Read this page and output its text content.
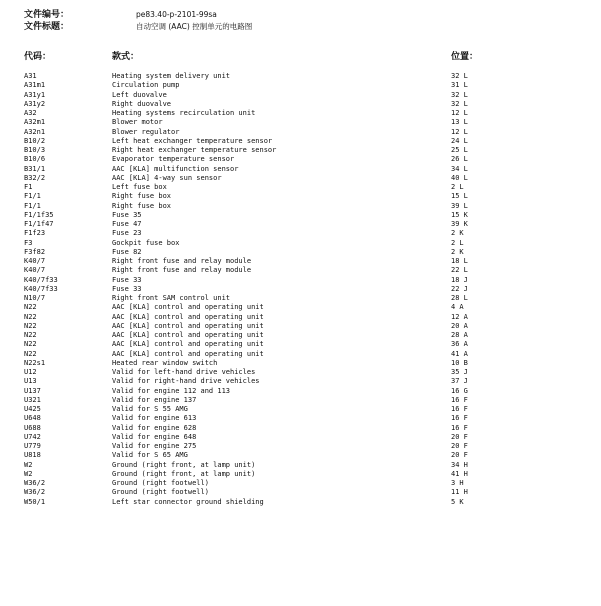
文件编号：	pe83.40-p-2101-99sa
文件标题：	自动空调 (AAC) 控制单元的电路图
代码：	款式：	位置：
A31	Heating system delivery unit	32 L
A31m1	Circulation pump	31 L
A31y1	Left duovalve	32 L
A31y2	Right duovalve	32 L
A32	Heating systems recirculation unit	12 L
A32m1	Blower motor	13 L
A32n1	Blower regulator	12 L
B10/2	Left heat exchanger temperature sensor	24 L
B10/3	Right heat exchanger temperature sensor	25 L
B10/6	Evaporator temperature sensor	26 L
B31/1	AAC [KLA] multifunction sensor	34 L
B32/2	AAC [KLA] 4-way sun sensor	40 L
F1	Left fuse box	2 L
F1/1	Right fuse box	15 L
F1/1	Right fuse box	39 L
F1/1f35	Fuse 35	15 K
F1/1f47	Fuse 47	39 K
F1f23	Fuse 23	2 K
F3	Gockpit fuse box	2 L
F3f82	Fuse 82	2 K
K40/7	Right front fuse and relay module	18 L
K40/7	Right front fuse and relay module	22 L
K40/7f33	Fuse 33	18 J
K40/7f33	Fuse 33	22 J
N10/7	Right front SAM control unit	28 L
N22	AAC [KLA] control and operating unit	4 A
N22	AAC [KLA] control and operating unit	12 A
N22	AAC [KLA] control and operating unit	20 A
N22	AAC [KLA] control and operating unit	28 A
N22	AAC [KLA] control and operating unit	36 A
N22	AAC [KLA] control and operating unit	41 A
N22s1	Heated rear window switch	10 B
U12	Valid for left-hand drive vehicles	35 J
U13	Valid for right-hand drive vehicles	37 J
U137	Valid for engine 112 and 113	16 G
U321	Valid for engine 137	16 F
U425	Valid for S 55 AMG	16 F
U648	Valid for engine 613	16 F
U688	Valid for engine 628	16 F
U742	Valid for engine 648	20 F
U779	Valid for engine 275	20 F
U818	Valid for S 65 AMG	20 F
W2	Ground (right front, at lamp unit)	34 H
W2	Ground (right front, at lamp unit)	41 H
W36/2	Ground (right footwell)	3 H
W36/2	Ground (right footwell)	11 H
W50/1	Left star connector ground shielding	5 K
